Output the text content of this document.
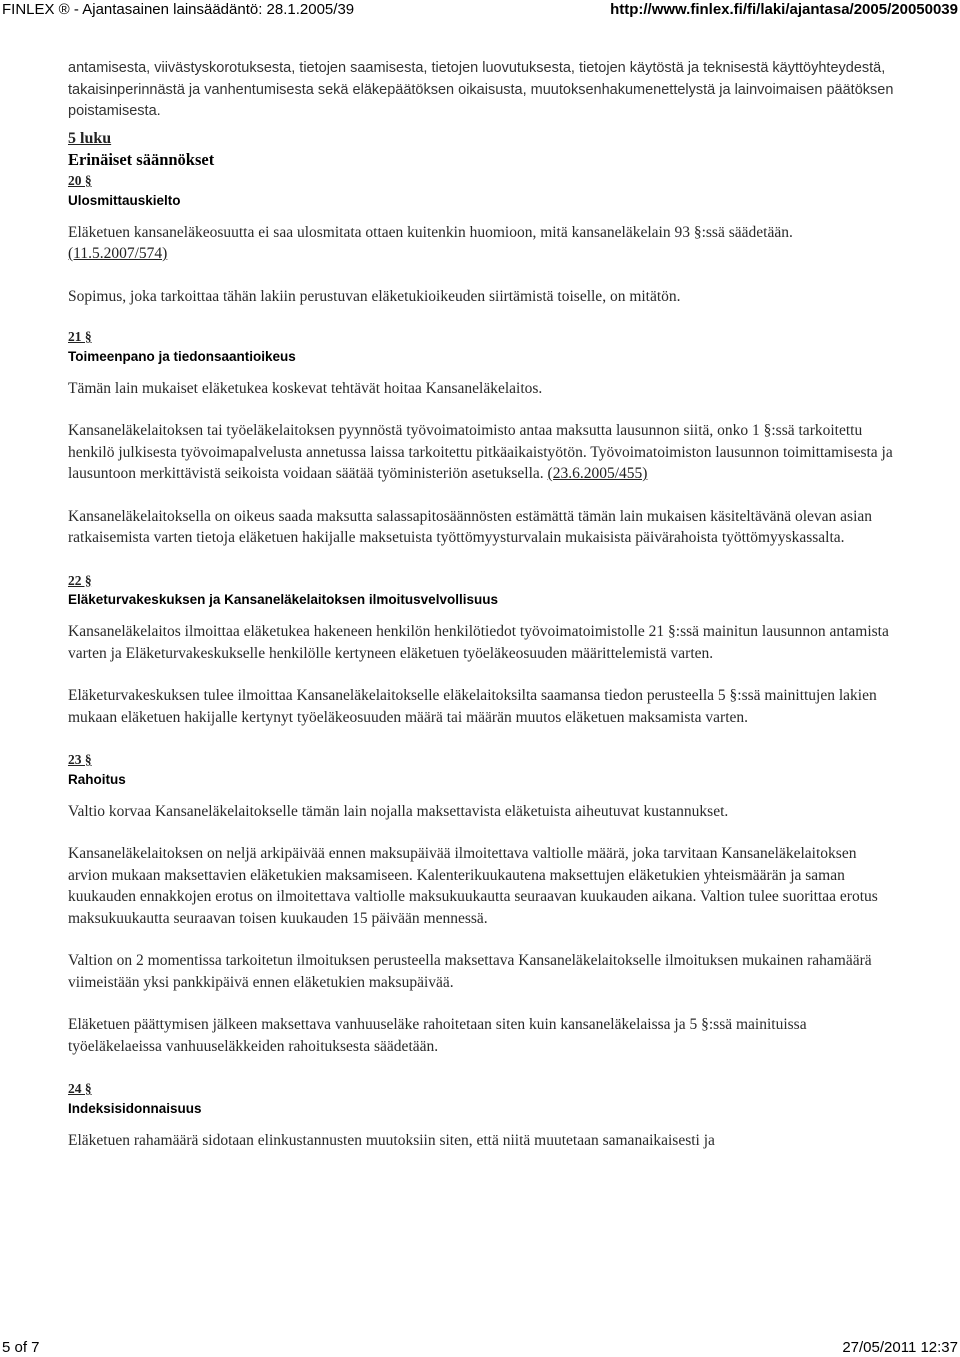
FINLEX ® - Ajantasainen lainsäädäntö: 28.1.2005/39	http://www.finlex.fi/fi/laki/ajantasa/2005/20050039

antamisesta, viivästyskorotuksesta, tietojen saamisesta, tietojen luovutuksesta, tietojen käytöstä ja teknisestä käyttöyhteydestä, takaisinperinnästä ja vanhentumisesta sekä eläkepäätöksen oikaisusta, muutoksenhakumenettelystä ja lainvoimaisen päätöksen poistamisesta.

5 luku
Erinäiset säännökset
20 §
Ulosmittauskielto

Eläketuen kansaneläkeosuutta ei saa ulosmitata ottaen kuitenkin huomioon, mitä kansaneläkelain 93 §:ssä säädetään. (11.5.2007/574)

Sopimus, joka tarkoittaa tähän lakiin perustuvan eläketukioikeuden siirtämistä toiselle, on mitätön.

21 §
Toimeenpano ja tiedonsaantioikeus

Tämän lain mukaiset eläketukea koskevat tehtävät hoitaa Kansaneläkelaitos.

Kansaneläkelaitoksen tai työeläkelaitoksen pyynnöstä työvoimatoimisto antaa maksutta lausunnon siitä, onko 1 §:ssä tarkoitettu henkilö julkisesta työvoimapalvelusta annetussa laissa tarkoitettu pitkäaikaistyötön. Työvoimatoimiston lausunnon toimittamisesta ja lausuntoon merkittävistä seikoista voidaan säätää työministeriön asetuksella. (23.6.2005/455)

Kansaneläkelaitoksella on oikeus saada maksutta salassapitosäännösten estämättä tämän lain mukaisen käsiteltävänä olevan asian ratkaisemista varten tietoja eläketuen hakijalle maksetuista työttömyysturvalain mukaisista päivärahoista työttömyyskassalta.

22 §
Eläketurvakeskuksen ja Kansaneläkelaitoksen ilmoitusvelvollisuus

Kansaneläkelaitos ilmoittaa eläketukea hakeneen henkilön henkilötiedot työvoimatoimistolle 21 §:ssä mainitun lausunnon antamista varten ja Eläketurvakeskukselle henkilölle kertyneen eläketuen työeläkeosuuden määrittelemistä varten.

Eläketurvakeskuksen tulee ilmoittaa Kansaneläkelaitokselle eläkelaitoksilta saamansa tiedon perusteella 5 §:ssä mainittujen lakien mukaan eläketuen hakijalle kertynyt työeläkeosuuden määrä tai määrän muutos eläketuen maksamista varten.

23 §
Rahoitus

Valtio korvaa Kansaneläkelaitokselle tämän lain nojalla maksettavista eläketuista aiheutuvat kustannukset.

Kansaneläkelaitoksen on neljä arkipäivää ennen maksupäivää ilmoitettava valtiolle määrä, joka tarvitaan Kansaneläkelaitoksen arvion mukaan maksettavien eläketukien maksamiseen. Kalenterikuukautena maksettujen eläketukien yhteismäärän ja saman kuukauden ennakkojen erotus on ilmoitettava valtiolle maksukuukautta seuraavan kuukauden aikana. Valtion tulee suorittaa erotus maksukuukautta seuraavan toisen kuukauden 15 päivään mennessä.

Valtion on 2 momentissa tarkoitetun ilmoituksen perusteella maksettava Kansaneläkelaitokselle ilmoituksen mukainen rahamäärä viimeistään yksi pankkipäivä ennen eläketukien maksupäivää.

Eläketuen päättymisen jälkeen maksettava vanhuuseläke rahoitetaan siten kuin kansaneläkelaissa ja 5 §:ssä mainituissa työeläkelaeissa vanhuuseläkkeiden rahoituksesta säädetään.

24 §
Indeksisidonnaisuus

Eläketuen rahamäärä sidotaan elinkustannusten muutoksiin siten, että niitä muutetaan samanaikaisesti ja

5 of 7	27/05/2011 12:37
